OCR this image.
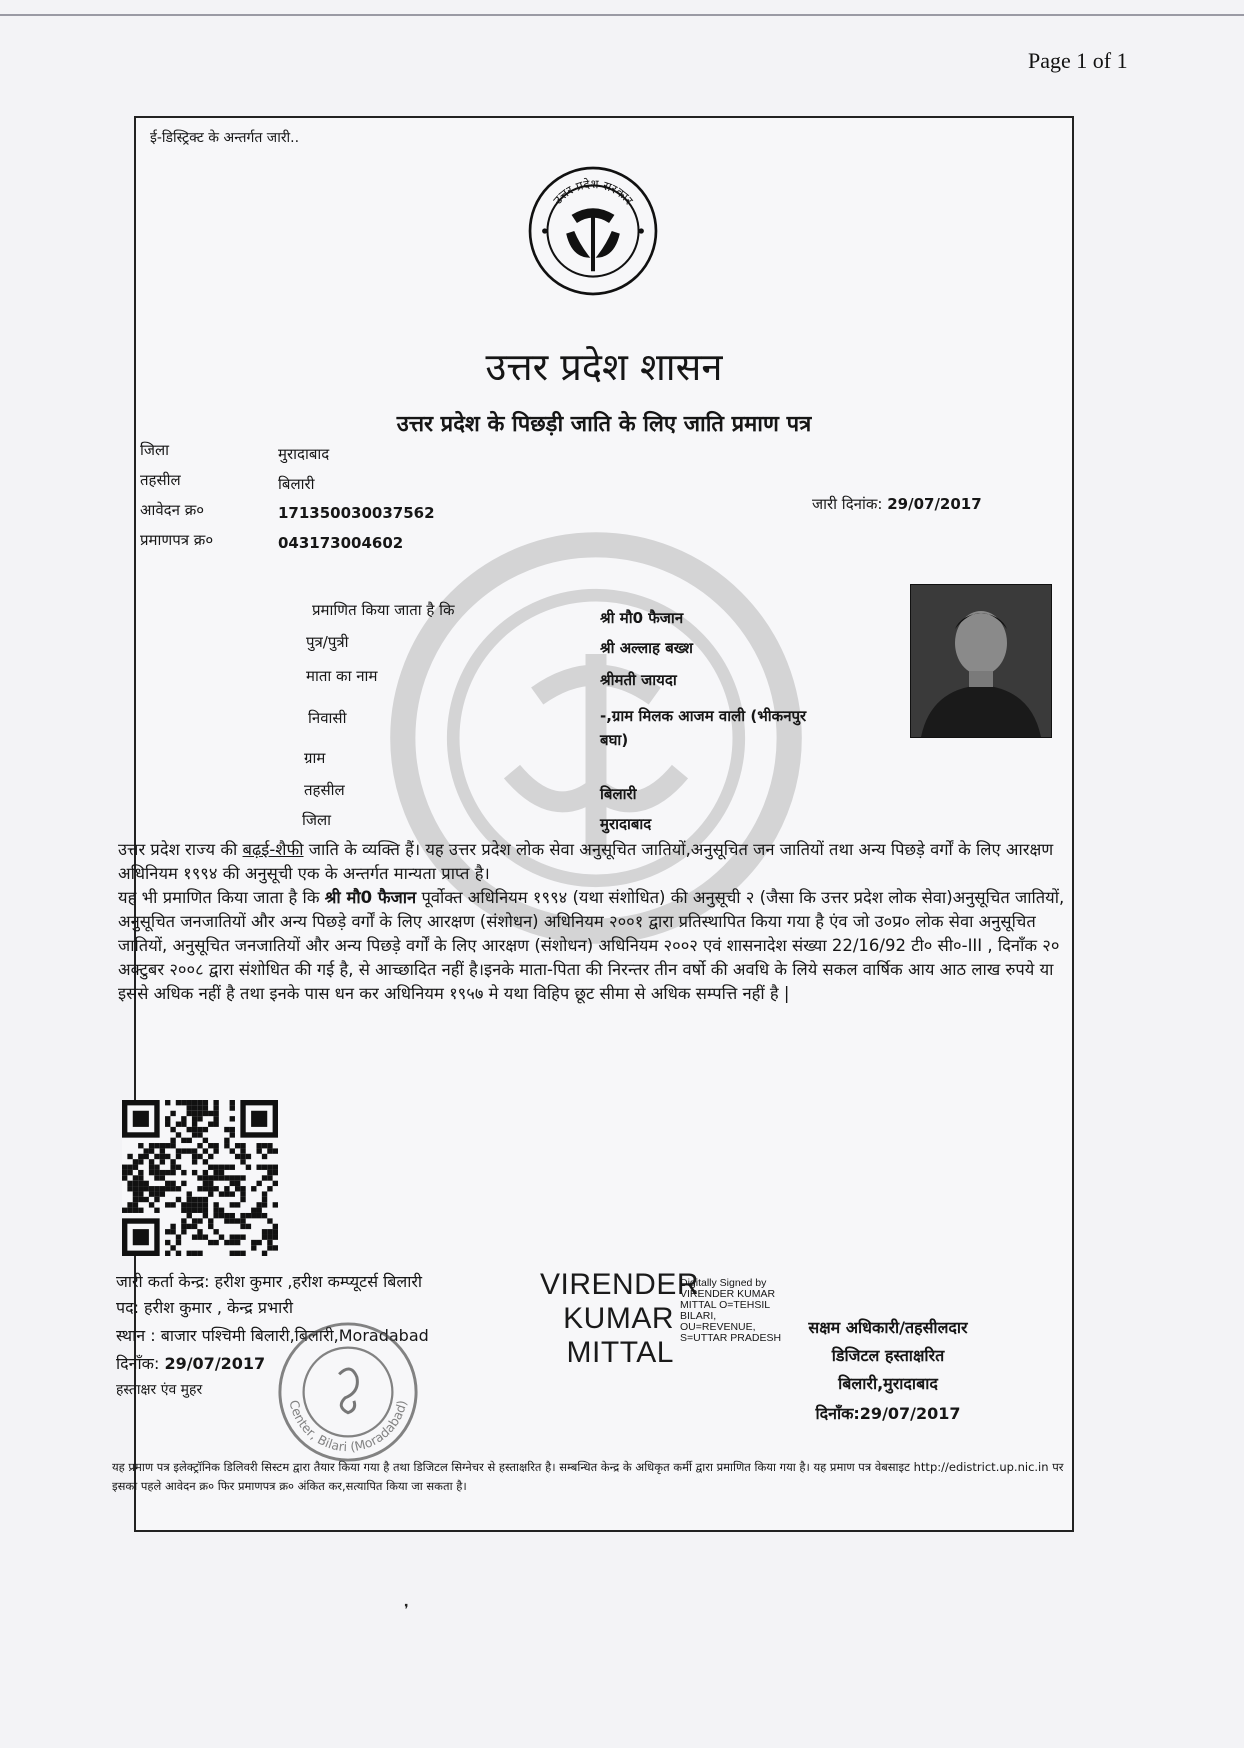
Page 1 of 1
ई-डिस्ट्रिक्ट के अन्तर्गत जारी..
उत्तर प्रदेश सरकार
उत्तर प्रदेश शासन
उत्तर प्रदेश के पिछड़ी जाति के लिए जाति प्रमाण पत्र
जिला	मुरादाबाद
तहसील	बिलारी
आवेदन क्र०	171350030037562
प्रमाणपत्र क्र०	043173004602
जारी दिनांक: 29/07/2017
प्रमाणित किया जाता है कि	श्री मौ0 फैजान
पुत्र/पुत्री	श्री अल्लाह बख्श
माता का नाम	श्रीमती जायदा
निवासी	-,ग्राम मिलक आजम वाली (भीकनपुर
बघा)
ग्राम
तहसील	बिलारी
जिला	मुरादाबाद

उत्तर प्रदेश राज्य की बढ़ई-शैफी जाति के व्यक्ति हैं। यह उत्तर प्रदेश लोक सेवा अनुसूचित जातियों,अनुसूचित जन जातियों तथा अन्य पिछड़े वर्गों के लिए आरक्षण अधिनियम १९९४ की अनुसूची एक के अन्तर्गत मान्यता प्राप्त है।

यह भी प्रमाणित किया जाता है कि श्री मौ0 फैजान पूर्वोक्त अधिनियम १९९४ (यथा संशोधित) की अनुसूची २ (जैसा कि उत्तर प्रदेश लोक सेवा)अनुसूचित जातियों, अनुसूचित जनजातियों और अन्य पिछड़े वर्गों के लिए आरक्षण (संशोधन) अधिनियम २००१ द्वारा प्रतिस्थापित किया गया है एंव जो उ०प्र० लोक सेवा अनुसूचित जातियों, अनुसूचित जनजातियों और अन्य पिछड़े वर्गों के लिए आरक्षण (संशोधन) अधिनियम २००२ एवं शासनादेश संख्या 22/16/92 टी० सी०-III , दिनाँक २० अक्टुबर २००८ द्वारा संशोधित की गई है, से आच्छादित नहीं है।इनके माता-पिता की निरन्तर तीन वर्षो की अवधि के लिये सकल वार्षिक आय आठ लाख रुपये या इससे अधिक नहीं है तथा इनके पास धन कर अधिनियम १९५७ मे यथा विहिप छूट सीमा से अधिक सम्पत्ति नहीं है |

जारी कर्ता केन्द्र: हरीश कुमार ,हरीश कम्प्यूटर्स बिलारी
पद: हरीश कुमार , केन्द्र प्रभारी
स्थान : बाजार पश्चिमी बिलारी,बिलारी,Moradabad
दिनाँक: 29/07/2017
हस्ताक्षर एंव मुहर
Center, Bilari (Moradabad)
VIRENDER
KUMAR
MITTAL
Digitally Signed by VIRENDER KUMAR MITTAL O=TEHSIL BILARI, OU=REVENUE, S=UTTAR PRADESH
सक्षम अधिकारी/तहसीलदार
डिजिटल हस्ताक्षरित
बिलारी,मुरादाबाद
दिनाँक:29/07/2017

यह प्रमाण पत्र इलेक्ट्रॉनिक डिलिवरी सिस्टम द्वारा तैयार किया गया है तथा डिजिटल सिग्नेचर से हस्ताक्षरित है। सम्बन्धित केन्द्र के अधिकृत कर्मी द्वारा प्रमाणित किया गया है। यह प्रमाण पत्र वेबसाइट http://edistrict.up.nic.in पर इसका पहले आवेदन क्र० फिर प्रमाणपत्र क्र० अंकित कर,सत्यापित किया जा सकता है।

❜
